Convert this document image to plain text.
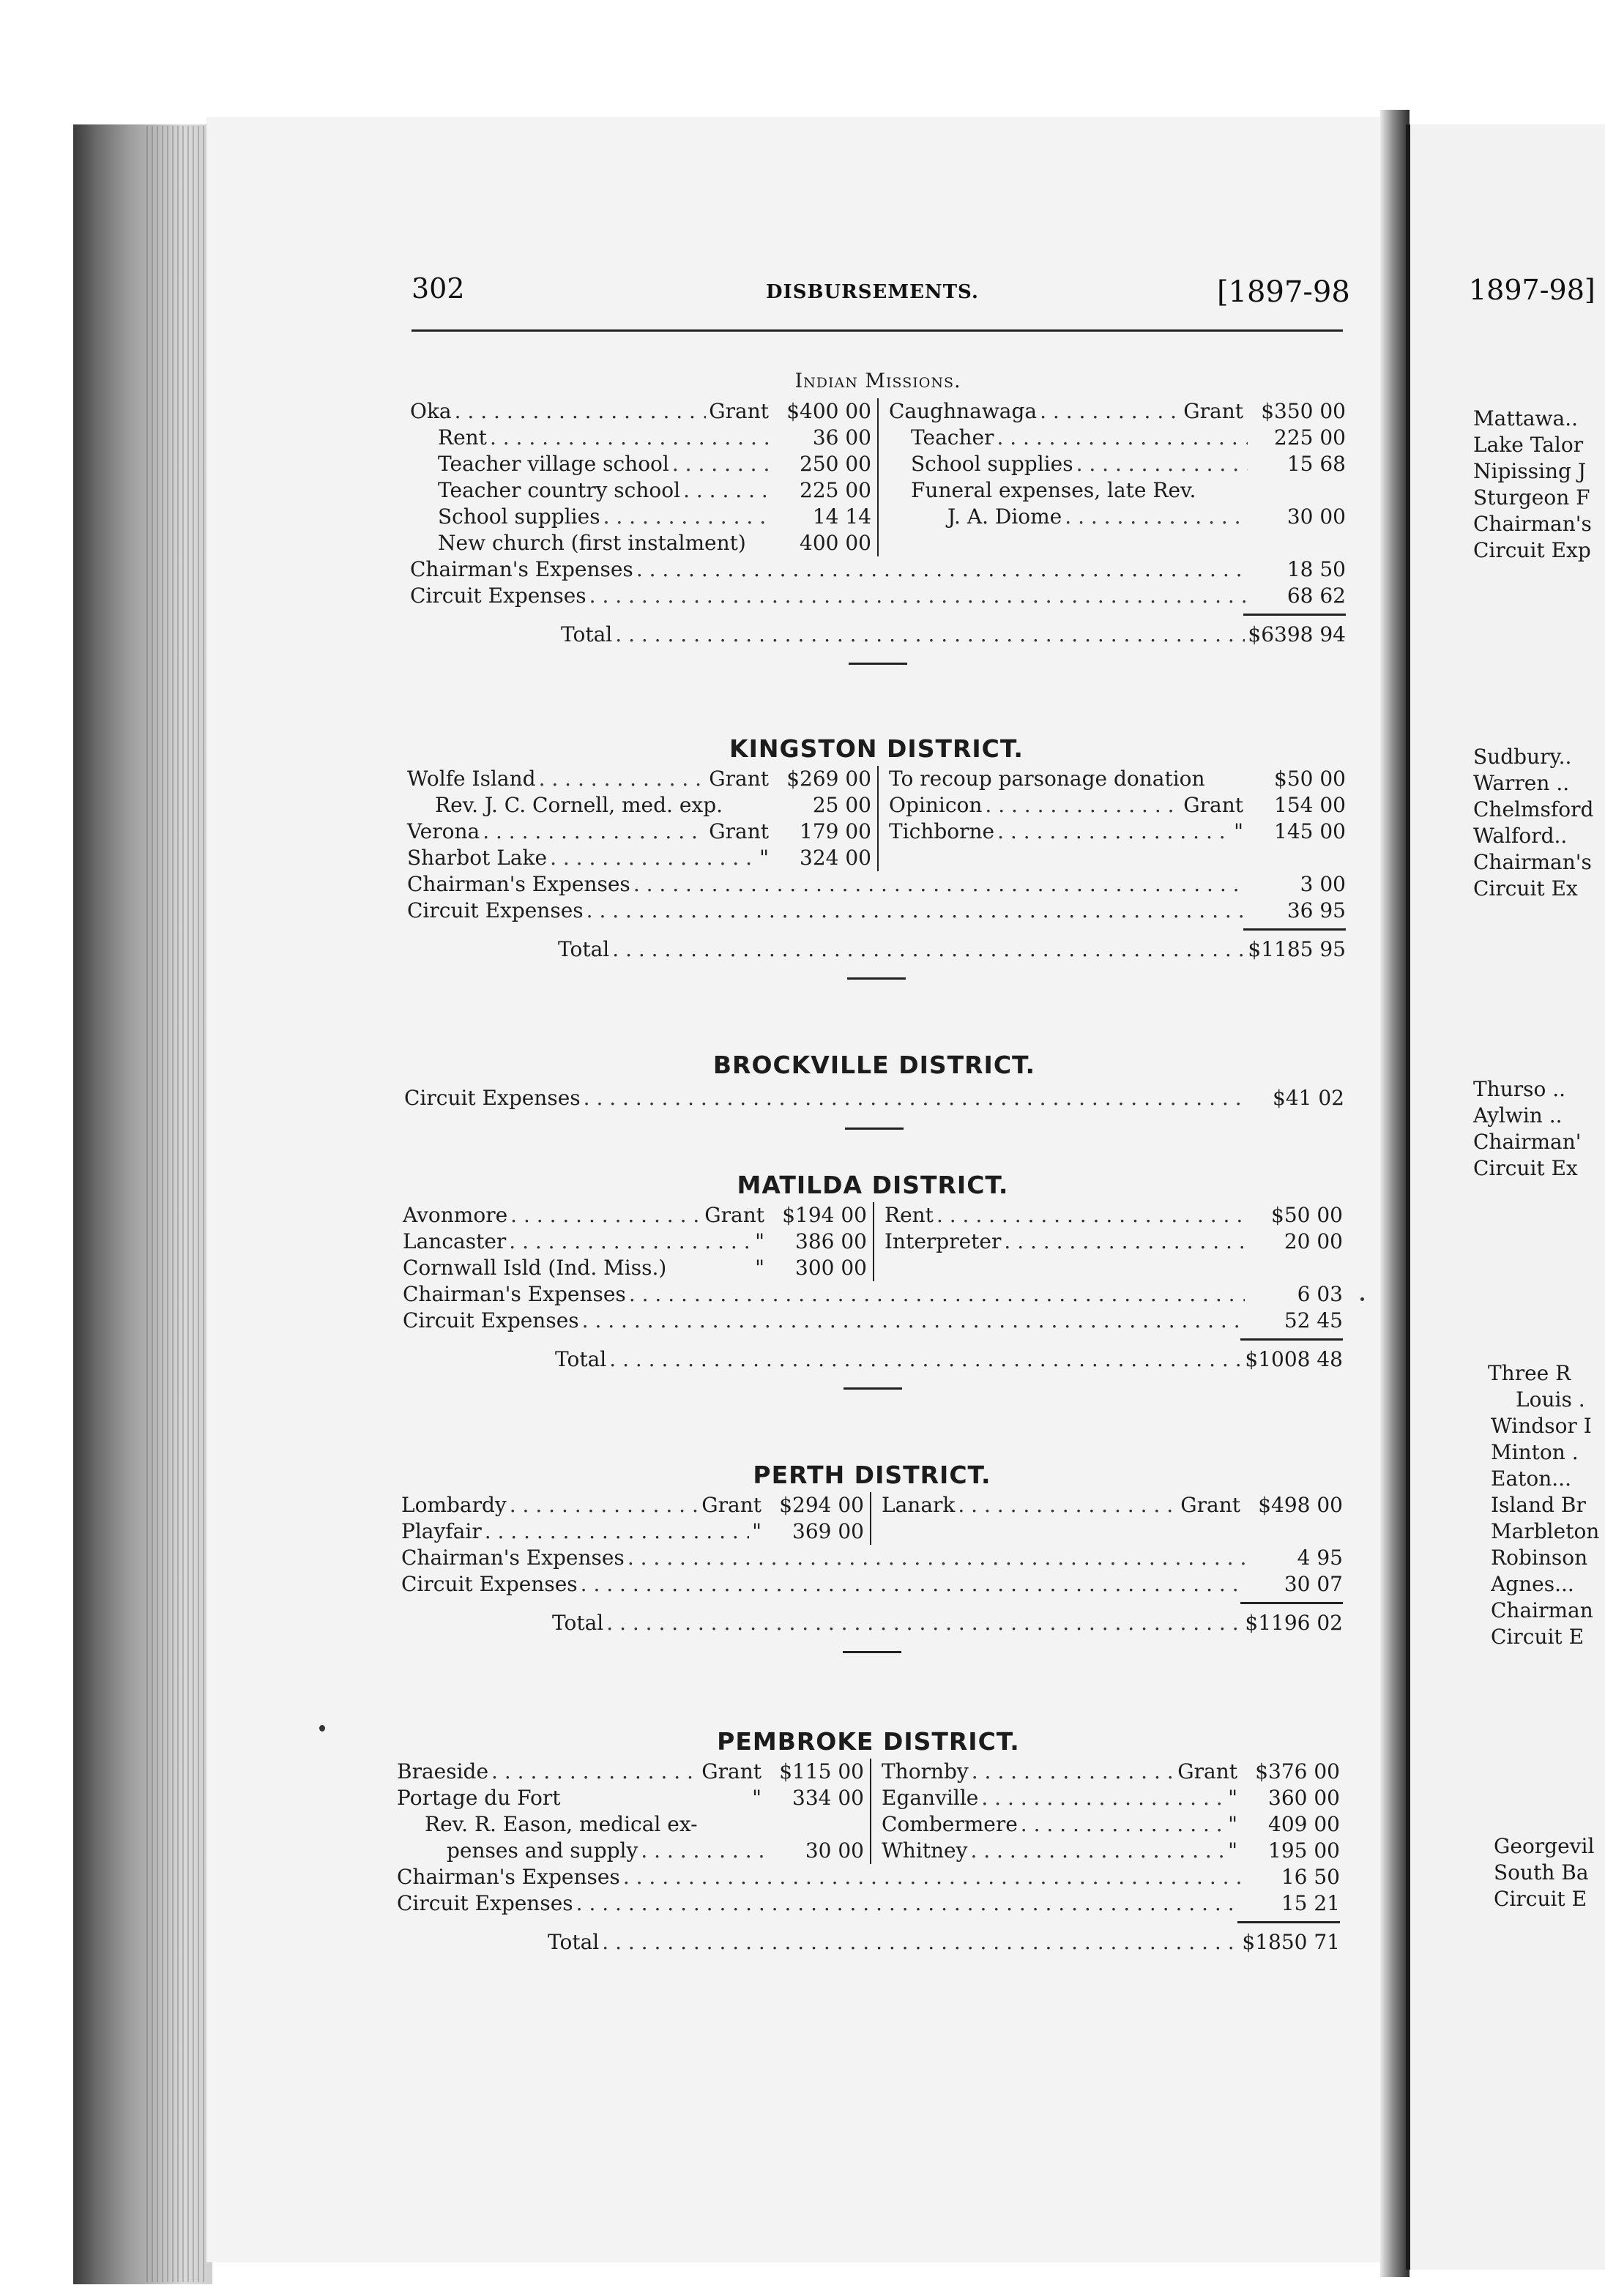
302	DISBURSEMENTS.	[1897-98
Indian Missions.
Oka . . .	Grant $400 00
Rent . . .	36 00
Teacher village school . . .	250 00
Teacher country school . . .	225 00
School supplies . . .	14 14
New church (first instalment)	400 00
Caughnawaga . . .	Grant $350 00
Teacher . . .	225 00
School supplies . . .	15 68
Funeral expenses, late Rev.
J. A. Diome . . .	30 00
Chairman's Expenses . . .	18 50
Circuit Expenses . . .	68 62
Total . . .	$6398 94
KINGSTON DISTRICT.
Wolfe Island . . .	Grant $269 00
Rev. J. C. Cornell, med. exp.	25 00
Verona . . .	Grant	179 00
Sharbot Lake . . .	"	324 00
To recoup parsonage donation	$50 00
Opinicon . . .	Grant	154 00
Tichborne . . .	"	145 00
Chairman's Expenses . . .	3 00
Circuit Expenses . . .	36 95
Total . . .	$1185 95
BROCKVILLE DISTRICT.
Circuit Expenses . . .	$41 02
MATILDA DISTRICT.
Avonmore . . .	Grant $194 00
Lancaster . . .	"	386 00
Cornwall Isld (Ind. Miss.)	"	300 00
Rent . . .	$50 00
Interpreter . . .	20 00
Chairman's Expenses . . .	6 03
Circuit Expenses . . .	52 45
Total . . .	$1008 48
PERTH DISTRICT.
Lombardy . . .	Grant $294 00
Playfair . . .	"	369 00
Lanark . . .	Grant $498 00
Chairman's Expenses . . .	4 95
Circuit Expenses . . .	30 07
Total . . .	$1196 02
PEMBROKE DISTRICT.
Braeside . . .	Grant $115 00
Portage du Fort	"	334 00
Rev. R. Eason, medical ex-
penses and supply . . .	30 00
Thornby . . .	Grant $376 00
Eganville . . .	"	360 00
Combermere . . .	"	409 00
Whitney . . .	"	195 00
Chairman's Expenses . . .	16 50
Circuit Expenses . . .	15 21
Total . . .	$1850 71
1897-98]
Mattawa..
Lake Talor
Nipissing J
Sturgeon F
Chairman's
Circuit Exp
Sudbury..
Warren ..
Chelmsford
Walford..
Chairman's
Circuit Ex
Thurso ..
Aylwin ..
Chairman'
Circuit Ex
Three R
Louis .
Windsor I
Minton .
Eaton...
Island Br
Marbleton
Robinson
Agnes...
Chairman
Circuit E
Georgevil
South Ba
Circuit E
